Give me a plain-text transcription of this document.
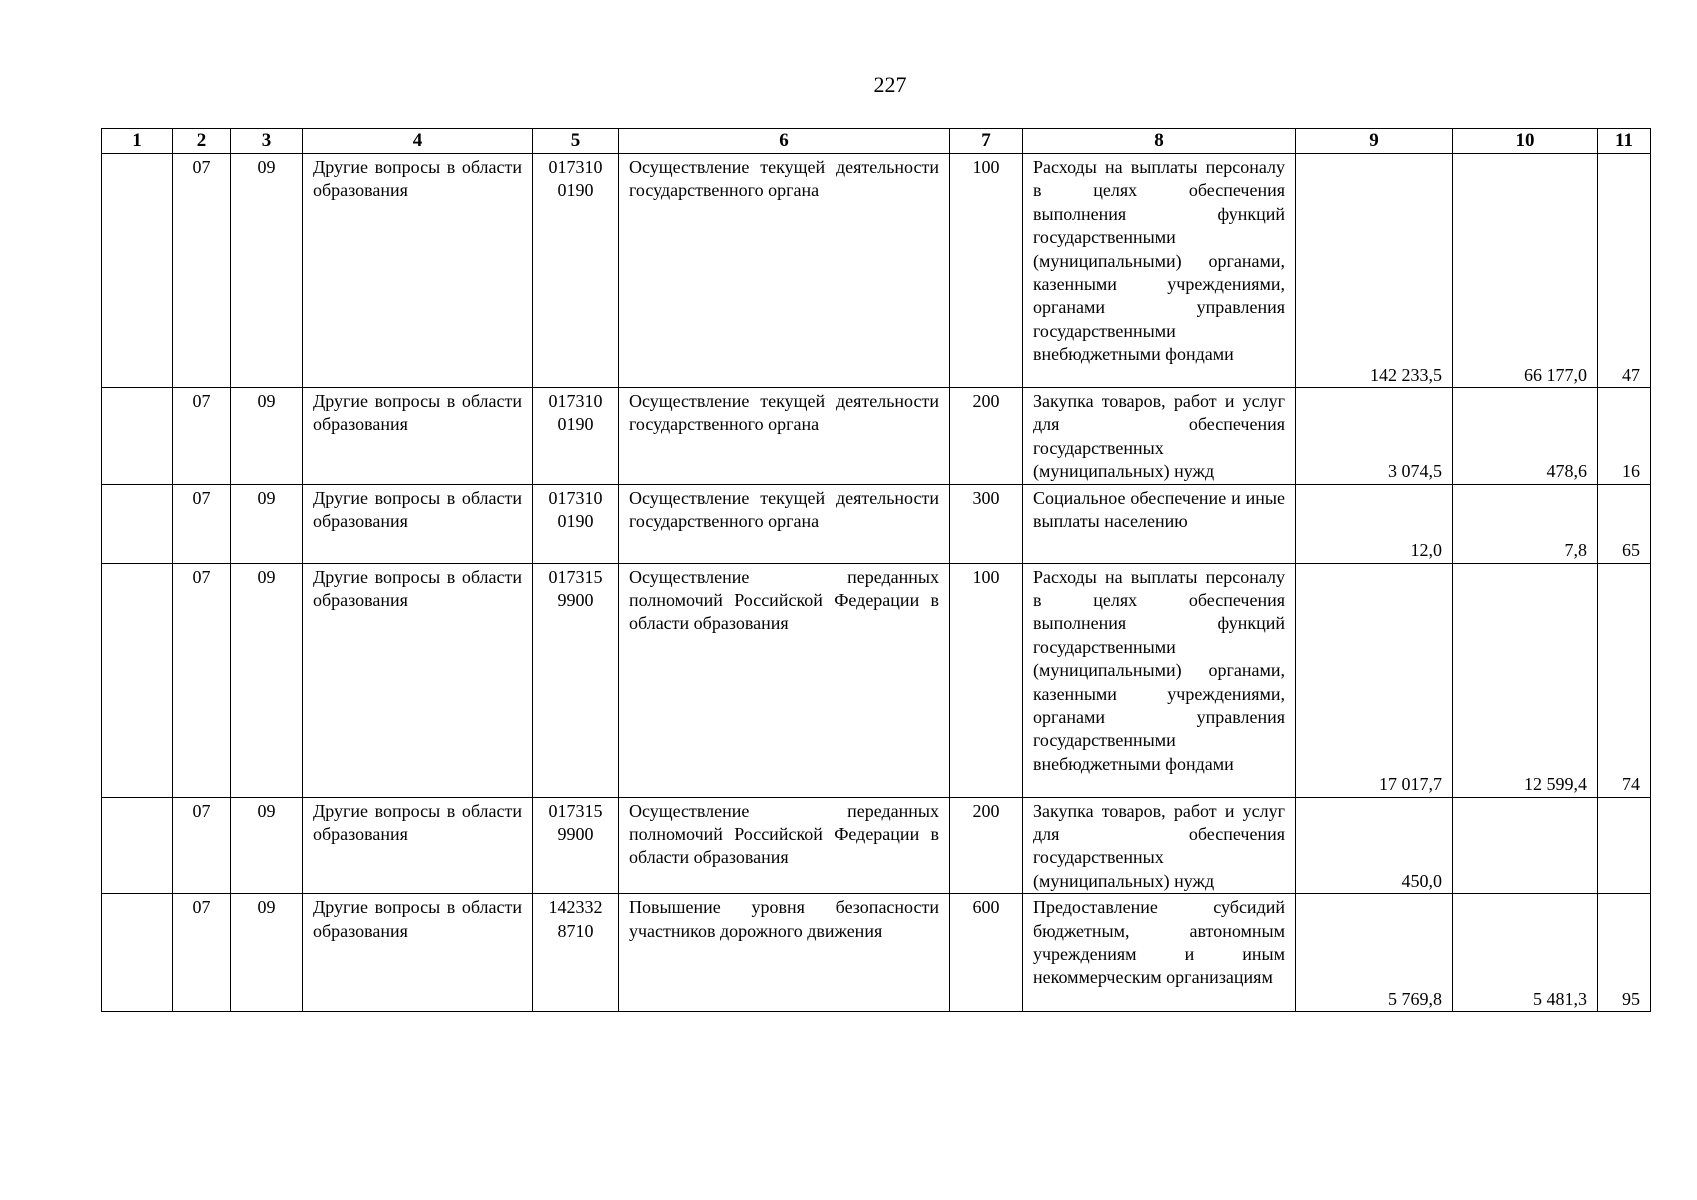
227
1	2	3	4	5	6	7	8	9	10	11

	07	09	Другие вопросы в области образования	017310 0190	Осуществление текущей деятельности государственного органа	100	Расходы на выплаты персоналу в целях обеспечения выполнения функций государственными (муниципальными) органами, казенными учреждениями, органами управления государственными внебюджетными фондами	142 233,5	66 177,0	47

	07	09	Другие вопросы в области образования	017310 0190	Осуществление текущей деятельности государственного органа	200	Закупка товаров, работ и услуг для обеспечения государственных (муниципальных) нужд	3 074,5	478,6	16

	07	09	Другие вопросы в области образования	017310 0190	Осуществление текущей деятельности государственного органа	300	Социальное обеспечение и иные выплаты населению	12,0	7,8	65

	07	09	Другие вопросы в области образования	017315 9900	Осуществление переданных полномочий Российской Федерации в области образования	100	Расходы на выплаты персоналу в целях обеспечения выполнения функций государственными (муниципальными) органами, казенными учреждениями, органами управления государственными внебюджетными фондами	17 017,7	12 599,4	74

	07	09	Другие вопросы в области образования	017315 9900	Осуществление переданных полномочий Российской Федерации в области образования	200	Закупка товаров, работ и услуг для обеспечения государственных (муниципальных) нужд	450,0		

	07	09	Другие вопросы в области образования	142332 8710	Повышение уровня безопасности участников дорожного движения	600	Предоставление субсидий бюджетным, автономным учреждениям и иным некоммерческим организациям	5 769,8	5 481,3	95
